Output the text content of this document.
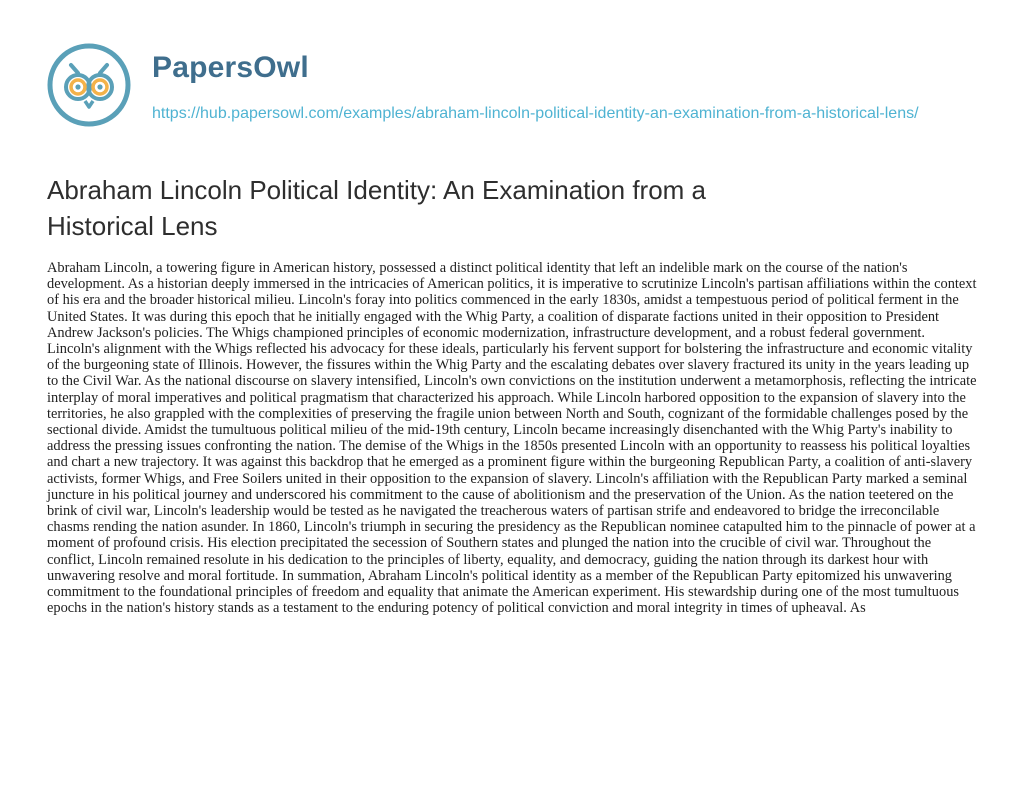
PapersOwl
https://hub.papersowl.com/examples/abraham-lincoln-political-identity-an-examination-from-a-historical-lens/
Abraham Lincoln Political Identity: An Examination from a Historical Lens

Abraham Lincoln, a towering figure in American history, possessed a distinct political identity that left an indelible mark on the course of the nation's development. As a historian deeply immersed in the intricacies of American politics, it is imperative to scrutinize Lincoln's partisan affiliations within the context of his era and the broader historical milieu. Lincoln's foray into politics commenced in the early 1830s, amidst a tempestuous period of political ferment in the United States. It was during this epoch that he initially engaged with the Whig Party, a coalition of disparate factions united in their opposition to President Andrew Jackson's policies. The Whigs championed principles of economic modernization, infrastructure development, and a robust federal government. Lincoln's alignment with the Whigs reflected his advocacy for these ideals, particularly his fervent support for bolstering the infrastructure and economic vitality of the burgeoning state of Illinois. However, the fissures within the Whig Party and the escalating debates over slavery fractured its unity in the years leading up to the Civil War. As the national discourse on slavery intensified, Lincoln's own convictions on the institution underwent a metamorphosis, reflecting the intricate interplay of moral imperatives and political pragmatism that characterized his approach. While Lincoln harbored opposition to the expansion of slavery into the territories, he also grappled with the complexities of preserving the fragile union between North and South, cognizant of the formidable challenges posed by the sectional divide. Amidst the tumultuous political milieu of the mid-19th century, Lincoln became increasingly disenchanted with the Whig Party's inability to address the pressing issues confronting the nation. The demise of the Whigs in the 1850s presented Lincoln with an opportunity to reassess his political loyalties and chart a new trajectory. It was against this backdrop that he emerged as a prominent figure within the burgeoning Republican Party, a coalition of anti-slavery activists, former Whigs, and Free Soilers united in their opposition to the expansion of slavery. Lincoln's affiliation with the Republican Party marked a seminal juncture in his political journey and underscored his commitment to the cause of abolitionism and the preservation of the Union. As the nation teetered on the brink of civil war, Lincoln's leadership would be tested as he navigated the treacherous waters of partisan strife and endeavored to bridge the irreconcilable chasms rending the nation asunder. In 1860, Lincoln's triumph in securing the presidency as the Republican nominee catapulted him to the pinnacle of power at a moment of profound crisis. His election precipitated the secession of Southern states and plunged the nation into the crucible of civil war. Throughout the conflict, Lincoln remained resolute in his dedication to the principles of liberty, equality, and democracy, guiding the nation through its darkest hour with unwavering resolve and moral fortitude. In summation, Abraham Lincoln's political identity as a member of the Republican Party epitomized his unwavering commitment to the foundational principles of freedom and equality that animate the American experiment. His stewardship during one of the most tumultuous epochs in the nation's history stands as a testament to the enduring potency of political conviction and moral integrity in times of upheaval. As
